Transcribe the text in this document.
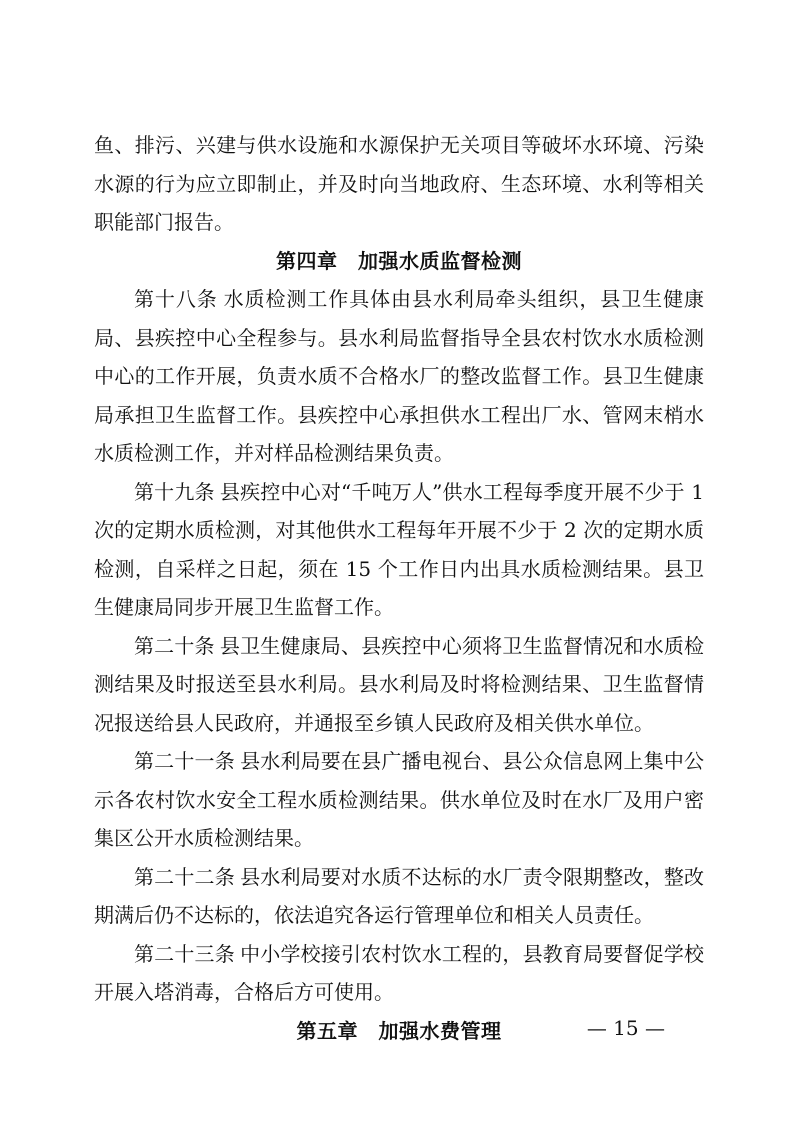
鱼、排污、兴建与供水设施和水源保护无关项目等破坏水环境、污染水源的行为应立即制止，并及时向当地政府、生态环境、水利等相关职能部门报告。

第四章　加强水质监督检测

第十八条  水质检测工作具体由县水利局牵头组织，县卫生健康局、县疾控中心全程参与。县水利局监督指导全县农村饮水水质检测中心的工作开展，负责水质不合格水厂的整改监督工作。县卫生健康局承担卫生监督工作。县疾控中心承担供水工程出厂水、管网末梢水水质检测工作，并对样品检测结果负责。

第十九条  县疾控中心对“千吨万人”供水工程每季度开展不少于 1 次的定期水质检测，对其他供水工程每年开展不少于 2 次的定期水质检测，自采样之日起，须在 15 个工作日内出具水质检测结果。县卫生健康局同步开展卫生监督工作。

第二十条  县卫生健康局、县疾控中心须将卫生监督情况和水质检测结果及时报送至县水利局。县水利局及时将检测结果、卫生监督情况报送给县人民政府，并通报至乡镇人民政府及相关供水单位。

第二十一条  县水利局要在县广播电视台、县公众信息网上集中公示各农村饮水安全工程水质检测结果。供水单位及时在水厂及用户密集区公开水质检测结果。

第二十二条  县水利局要对水质不达标的水厂责令限期整改，整改期满后仍不达标的，依法追究各运行管理单位和相关人员责任。

第二十三条  中小学校接引农村饮水工程的，县教育局要督促学校开展入塔消毒，合格后方可使用。

第五章　加强水费管理	— 15 —
